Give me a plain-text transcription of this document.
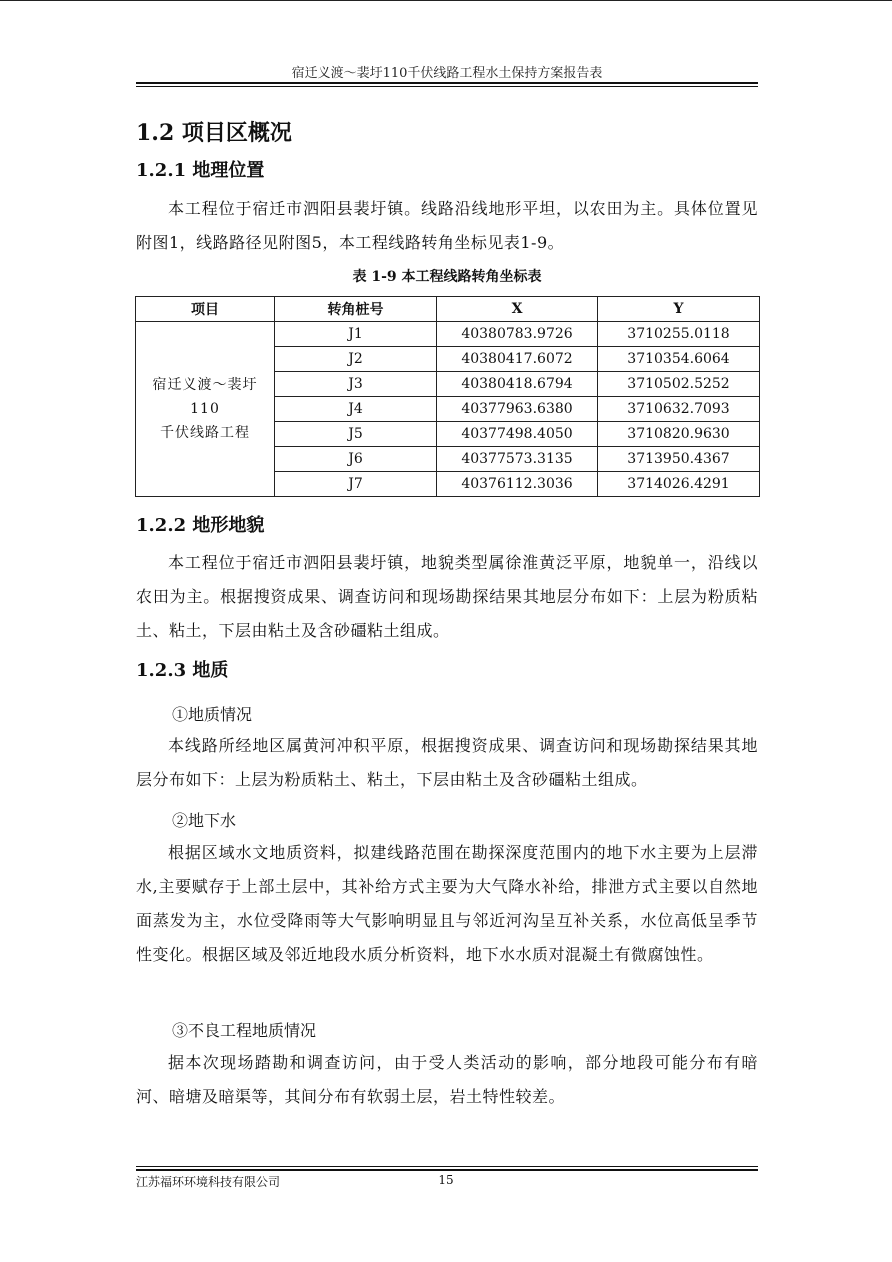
宿迁义渡～裴圩110千伏线路工程水土保持方案报告表
1.2 项目区概况
1.2.1 地理位置
本工程位于宿迁市泗阳县裴圩镇。线路沿线地形平坦，以农田为主。具体位置见附图1，线路路径见附图5，本工程线路转角坐标见表1-9。
表 1-9 本工程线路转角坐标表
项目	转角桩号	X	Y

宿迁义渡～裴圩 110
千伏线路工程	J1	40380783.9726	3710255.0118
	J2	40380417.6072	3710354.6064
	J3	40380418.6794	3710502.5252
	J4	40377963.6380	3710632.7093
	J5	40377498.4050	3710820.9630
	J6	40377573.3135	3713950.4367
	J7	40376112.3036	3714026.4291
1.2.2 地形地貌
本工程位于宿迁市泗阳县裴圩镇，地貌类型属徐淮黄泛平原，地貌单一，沿线以农田为主。根据搜资成果、调查访问和现场勘探结果其地层分布如下：上层为粉质粘土、粘土，下层由粘土及含砂礓粘土组成。
1.2.3 地质
①地质情况
本线路所经地区属黄河冲积平原，根据搜资成果、调查访问和现场勘探结果其地层分布如下：上层为粉质粘土、粘土，下层由粘土及含砂礓粘土组成。
②地下水
根据区域水文地质资料，拟建线路范围在勘探深度范围内的地下水主要为上层滞水,主要赋存于上部土层中，其补给方式主要为大气降水补给，排泄方式主要以自然地面蒸发为主，水位受降雨等大气影响明显且与邻近河沟呈互补关系，水位高低呈季节性变化。根据区域及邻近地段水质分析资料，地下水水质对混凝土有微腐蚀性。
③不良工程地质情况
据本次现场踏勘和调查访问，由于受人类活动的影响，部分地段可能分布有暗河、暗塘及暗渠等，其间分布有软弱土层，岩土特性较差。
江苏福环环境科技有限公司	15
